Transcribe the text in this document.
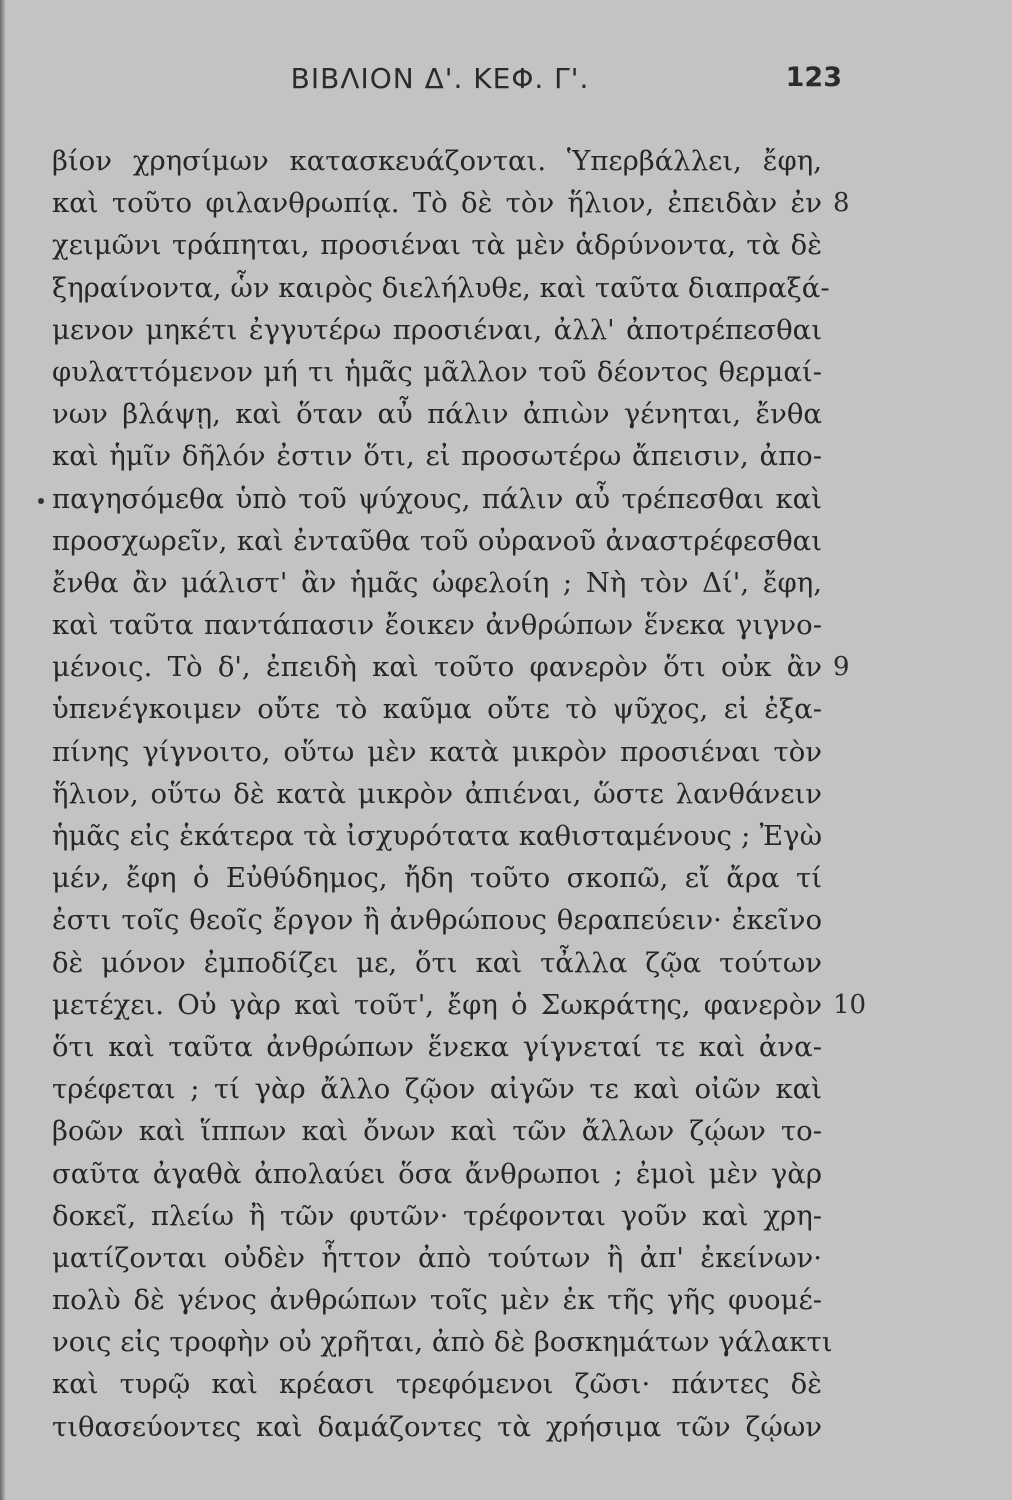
ΒΙΒΛΙΟΝ Δ'. ΚΕΦ. Γ'.	123
βίον χρησίμων κατασκευάζονται. Ὑπερβάλλει, ἔφη,
καὶ τοῦτο φιλανθρωπίᾳ. Τὸ δὲ τὸν ἥλιον, ἐπειδὰν ἐν 8
χειμῶνι τράπηται, προσιέναι τὰ μὲν ἁδρύνοντα, τὰ δὲ
ξηραίνοντα, ὧν καιρὸς διελήλυθε, καὶ ταῦτα διαπραξά-
μενον μηκέτι ἐγγυτέρω προσιέναι, ἀλλ' ἀποτρέπεσθαι
φυλαττόμενον μή τι ἡμᾶς μᾶλλον τοῦ δέοντος θερμαί-
νων βλάψῃ, καὶ ὅταν αὖ πάλιν ἀπιὼν γένηται, ἔνθα
καὶ ἡμῖν δῆλόν ἐστιν ὅτι, εἰ προσωτέρω ἄπεισιν, ἀπο-
παγησόμεθα ὑπὸ τοῦ ψύχους, πάλιν αὖ τρέπεσθαι καὶ
προσχωρεῖν, καὶ ἐνταῦθα τοῦ οὐρανοῦ ἀναστρέφεσθαι
ἔνθα ἂν μάλιστ' ἂν ἡμᾶς ὠφελοίη ; Νὴ τὸν Δί', ἔφη,
καὶ ταῦτα παντάπασιν ἔοικεν ἀνθρώπων ἕνεκα γιγνο-
μένοις. Τὸ δ', ἐπειδὴ καὶ τοῦτο φανερὸν ὅτι οὐκ ἂν 9
ὑπενέγκοιμεν οὔτε τὸ καῦμα οὔτε τὸ ψῦχος, εἰ ἐξα-
πίνης γίγνοιτο, οὕτω μὲν κατὰ μικρὸν προσιέναι τὸν
ἥλιον, οὕτω δὲ κατὰ μικρὸν ἀπιέναι, ὥστε λανθάνειν
ἡμᾶς εἰς ἑκάτερα τὰ ἰσχυρότατα καθισταμένους ; Ἐγὼ
μέν, ἔφη ὁ Εὐθύδημος, ἤδη τοῦτο σκοπῶ, εἴ ἄρα τί
ἐστι τοῖς θεοῖς ἔργον ἢ ἀνθρώπους θεραπεύειν· ἐκεῖνο
δὲ μόνον ἐμποδίζει με, ὅτι καὶ τἆλλα ζῷα τούτων
μετέχει. Οὐ γὰρ καὶ τοῦτ', ἔφη ὁ Σωκράτης, φανερὸν 10
ὅτι καὶ ταῦτα ἀνθρώπων ἕνεκα γίγνεταί τε καὶ ἀνα-
τρέφεται ; τί γὰρ ἄλλο ζῷον αἰγῶν τε καὶ οἰῶν καὶ
βοῶν καὶ ἵππων καὶ ὄνων καὶ τῶν ἄλλων ζῴων το-
σαῦτα ἀγαθὰ ἀπολαύει ὅσα ἄνθρωποι ; ἐμοὶ μὲν γὰρ
δοκεῖ, πλείω ἢ τῶν φυτῶν· τρέφονται γοῦν καὶ χρη-
ματίζονται οὐδὲν ἧττον ἀπὸ τούτων ἢ ἀπ' ἐκείνων·
πολὺ δὲ γένος ἀνθρώπων τοῖς μὲν ἐκ τῆς γῆς φυομέ-
νοις εἰς τροφὴν οὐ χρῆται, ἀπὸ δὲ βοσκημάτων γάλακτι
καὶ τυρῷ καὶ κρέασι τρεφόμενοι ζῶσι· πάντες δὲ
τιθασεύοντες καὶ δαμάζοντες τὰ χρήσιμα τῶν ζῴων
